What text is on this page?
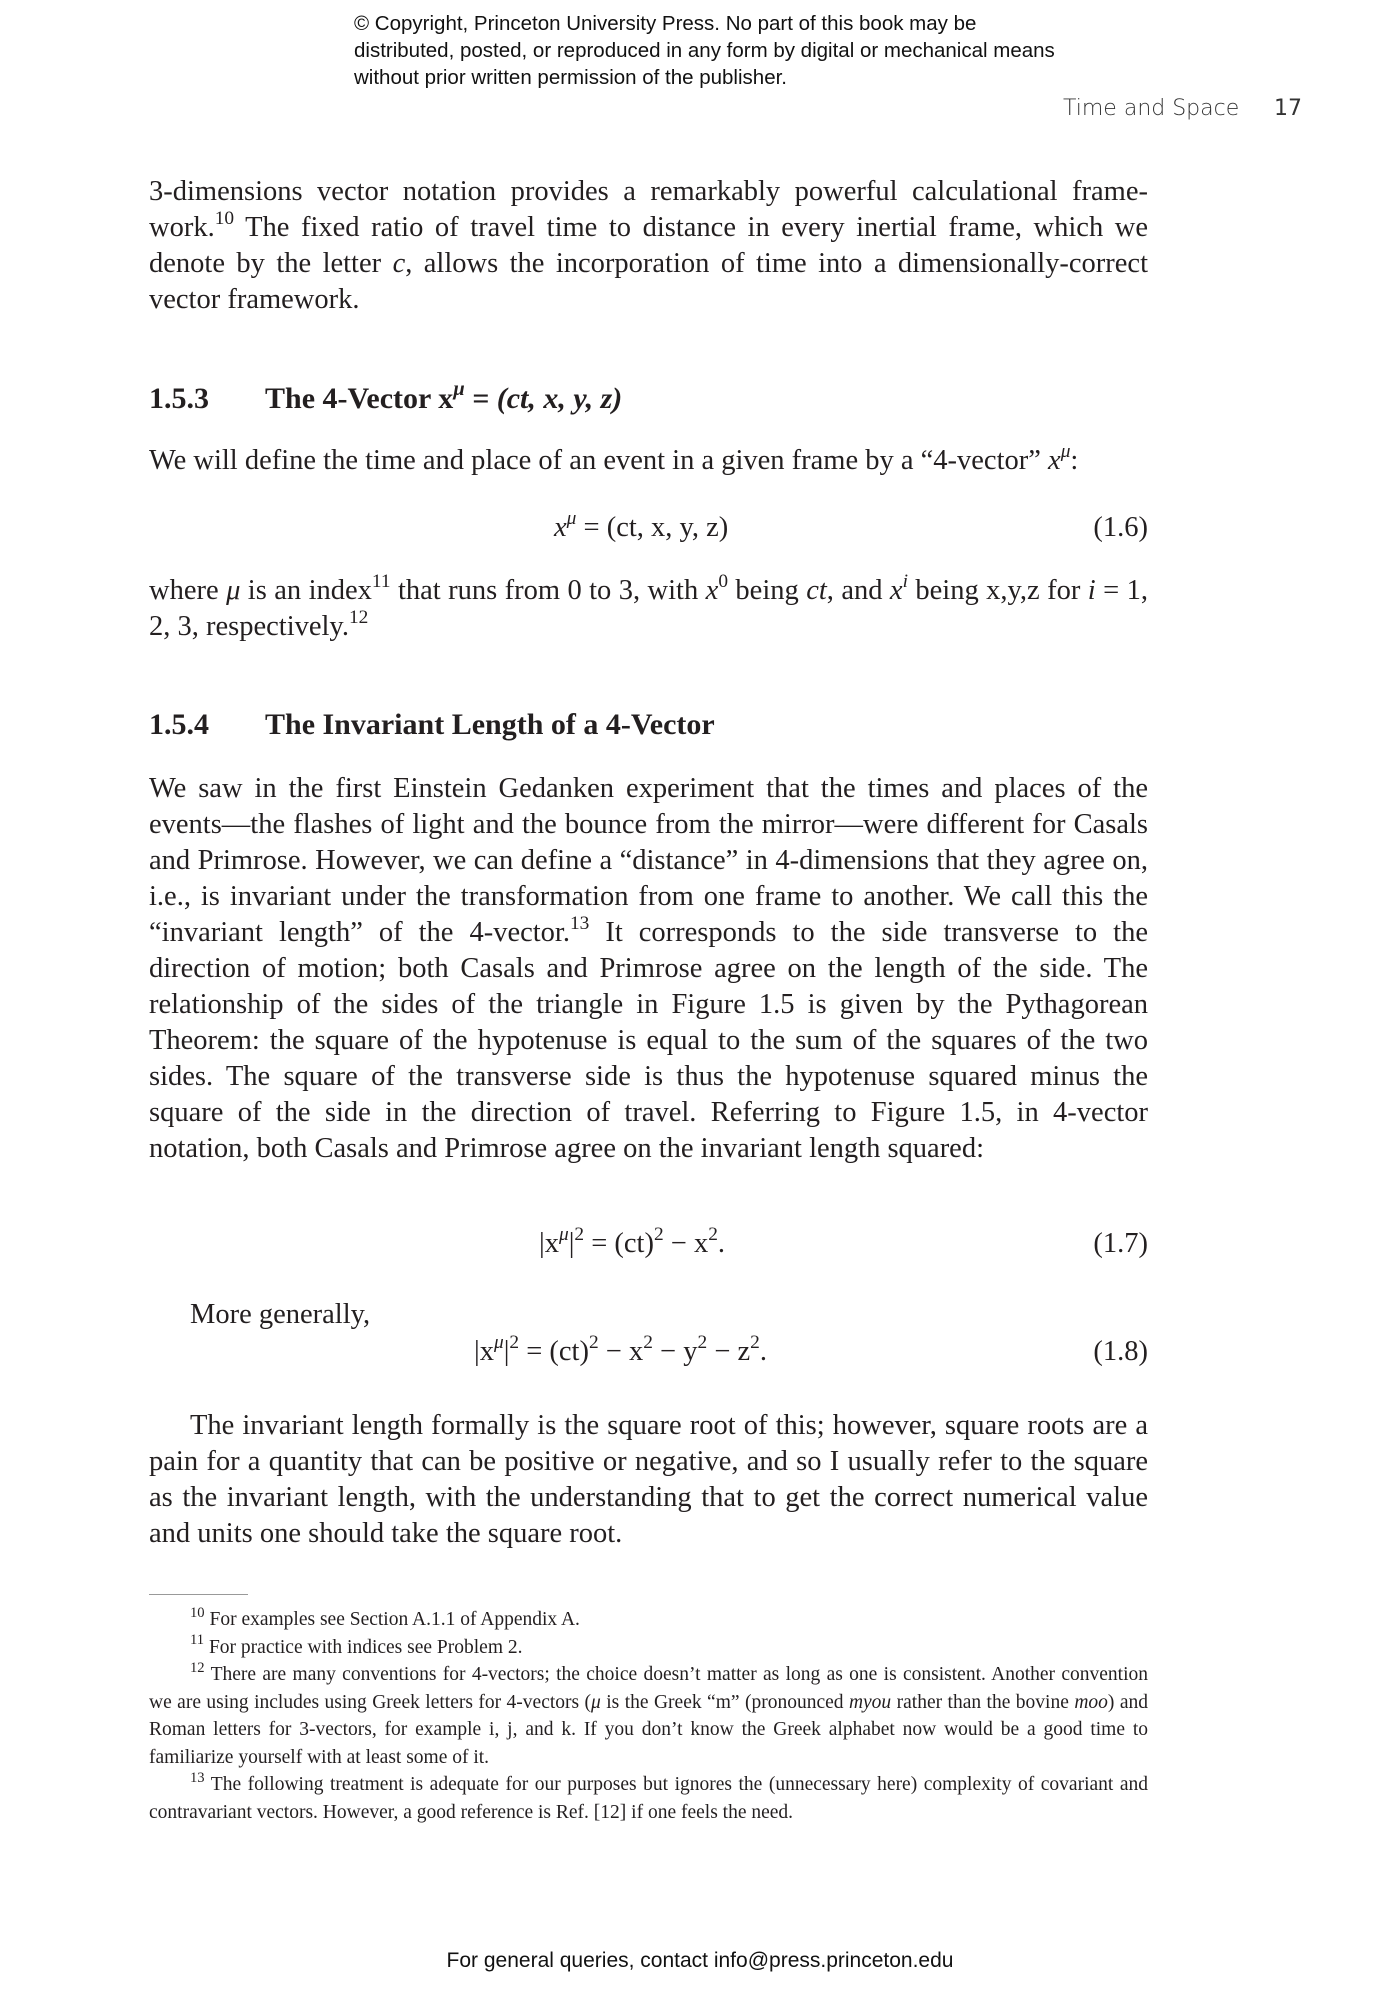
© Copyright, Princeton University Press. No part of this book may be distributed, posted, or reproduced in any form by digital or mechanical means without prior written permission of the publisher.
Time and Space 17

3-dimensions vector notation provides a remarkably powerful calculational framework.$^{10}$ The fixed ratio of travel time to distance in every inertial frame, which we denote by the letter c, allows the incorporation of time into a dimensionally-correct vector framework.

1.5.3 The 4-Vector $x^\mu = (ct$, x, y, z)

We will define the time and place of an event in a given frame by a “4-vector” $x^\mu$:

$x^\mu = (ct$, x, y, z)	(1.6)

where μ is an index$^{11}$ that runs from 0 to 3, with $x^0$ being ct, and $x^i$ being x,y,z for i = 1, 2, 3, respectively.$^{12}$

1.5.4 The Invariant Length of a 4-Vector

We saw in the first Einstein Gedanken experiment that the times and places of the events—the flashes of light and the bounce from the mirror—were different for Casals and Primrose. However, we can define a “distance” in 4-dimensions that they agree on, i.e., is invariant under the transformation from one frame to another. We call this the “invariant length” of the 4-vector.$^{13}$ It corresponds to the side transverse to the direction of motion; both Casals and Primrose agree on the length of the side. The relationship of the sides of the triangle in Figure 1.5 is given by the Pythagorean Theorem: the square of the hypotenuse is equal to the sum of the squares of the two sides. The square of the transverse side is thus the hypotenuse squared minus the square of the side in the direction of travel. Referring to Figure 1.5, in 4-vector notation, both Casals and Primrose agree on the invariant length squared:

$|x^\mu|^2 = (ct)^2 - x^2$.	(1.7)
More generally,
$|x^\mu|^2 = (ct)^2 - x^2 - y^2 - z^2$.	(1.8)

The invariant length formally is the square root of this; however, square roots are a pain for a quantity that can be positive or negative, and so I usually refer to the square as the invariant length, with the understanding that to get the correct numerical value and units one should take the square root.

$^{10}$ For examples see Section A.1.1 of Appendix A.

$^{11}$ For practice with indices see Problem 2.

$^{12}$ There are many conventions for 4-vectors; the choice doesn’t matter as long as one is consistent. Another convention we are using includes using Greek letters for 4-vectors (μ is the Greek “m” (pronounced myou rather than the bovine moo) and Roman letters for 3-vectors, for example i, j, and k. If you don’t know the Greek alphabet now would be a good time to familiarize yourself with at least some of it.

$^{13}$ The following treatment is adequate for our purposes but ignores the (unnecessary here) complexity of covariant and contravariant vectors. However, a good reference is Ref. [12] if one feels the need.

For general queries, contact info@press.princeton.edu
